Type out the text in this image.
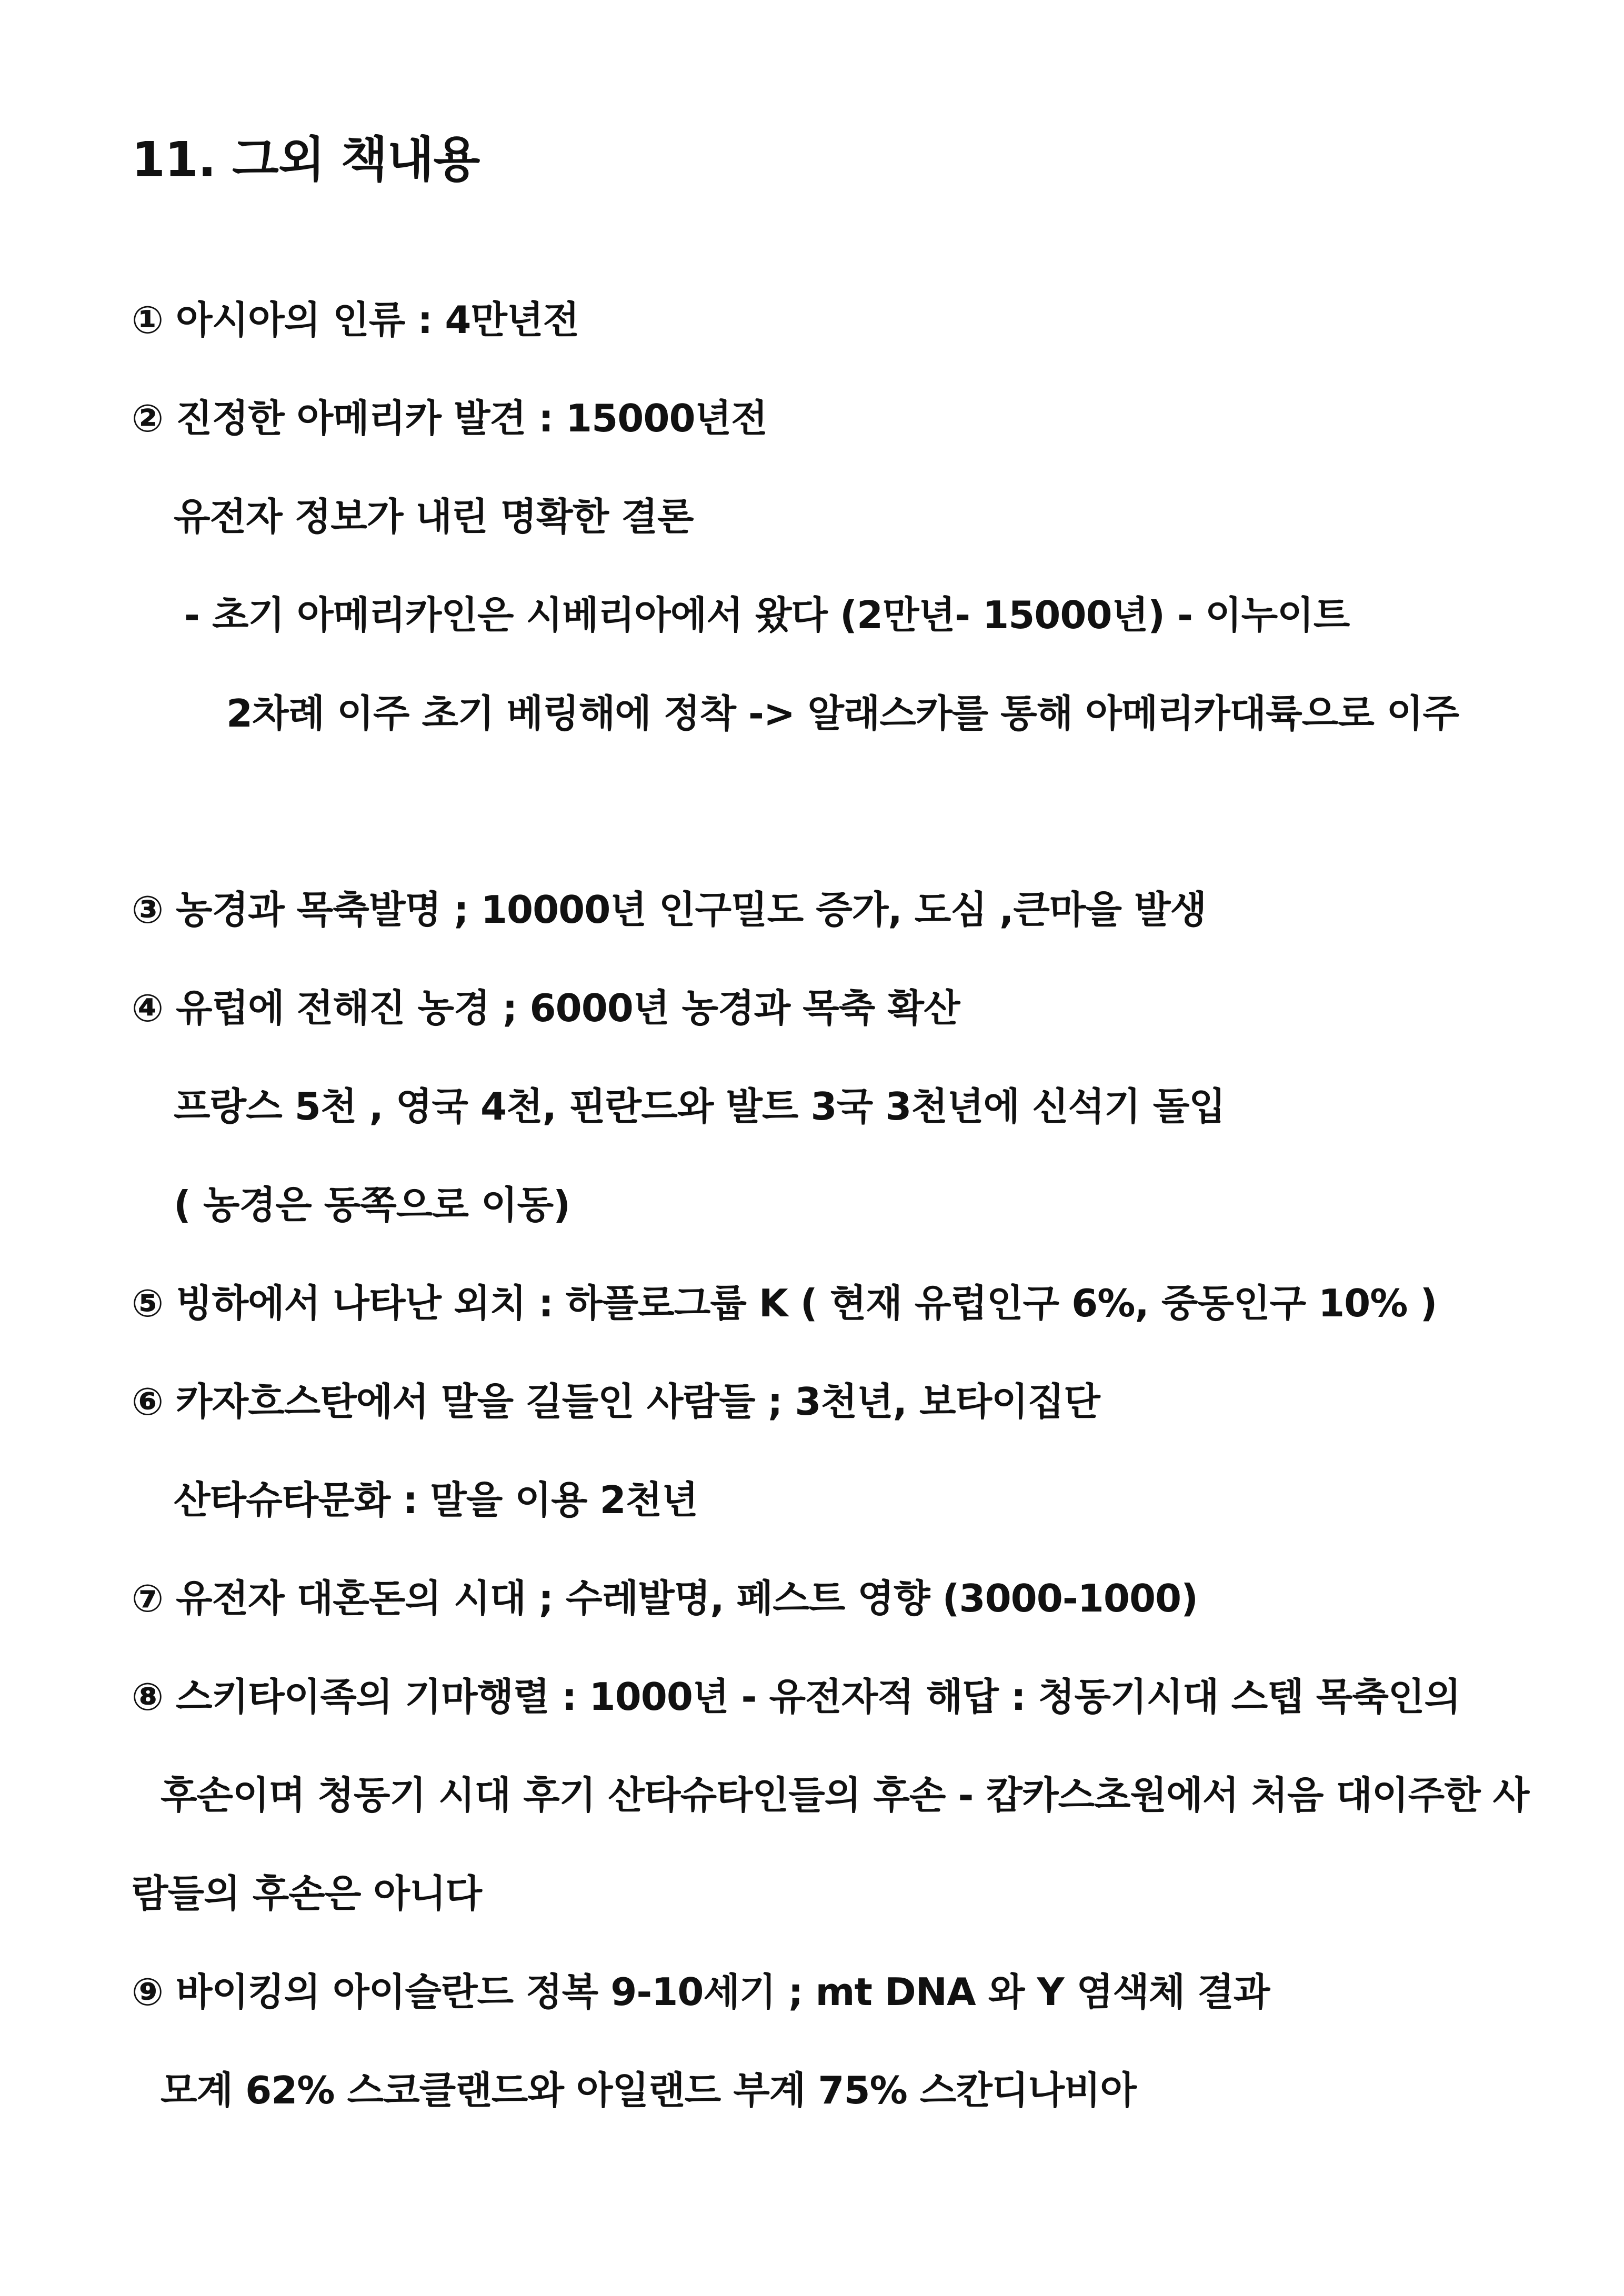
11. 그외 책내용
① 아시아의 인류 : 4만년전
② 진정한 아메리카 발견 : 15000년전
유전자 정보가 내린 명확한 결론
- 초기 아메리카인은 시베리아에서 왔다 (2만년- 15000년) - 이누이트
2차례 이주 초기 베링해에 정착 -> 알래스카를 통해 아메리카대륙으로 이주
③ 농경과 목축발명 ; 10000년 인구밀도 증가, 도심 ,큰마을 발생
④ 유럽에 전해진 농경 ; 6000년 농경과 목축 확산
프랑스 5천 , 영국 4천, 핀란드와 발트 3국 3천년에 신석기 돌입
( 농경은 동쪽으로 이동)
⑤ 빙하에서 나타난 외치 : 하플로그룹 K ( 현재 유럽인구 6%, 중동인구 10% )
⑥ 카자흐스탄에서 말을 길들인 사람들 ; 3천년, 보타이집단
산타슈타문화 : 말을 이용 2천년
⑦ 유전자 대혼돈의 시대 ; 수레발명, 페스트 영향 (3000-1000)
⑧ 스키타이족의 기마행렬 : 1000년 - 유전자적 해답 : 청동기시대 스텝 목축인의
후손이며 청동기 시대 후기 산타슈타인들의 후손 - 캅카스초원에서 처음 대이주한 사
람들의 후손은 아니다
⑨ 바이킹의 아이슬란드 정복 9-10세기 ; mt DNA 와 Y 염색체 결과
모계 62% 스코클랜드와 아일랜드 부계 75% 스칸디나비아
